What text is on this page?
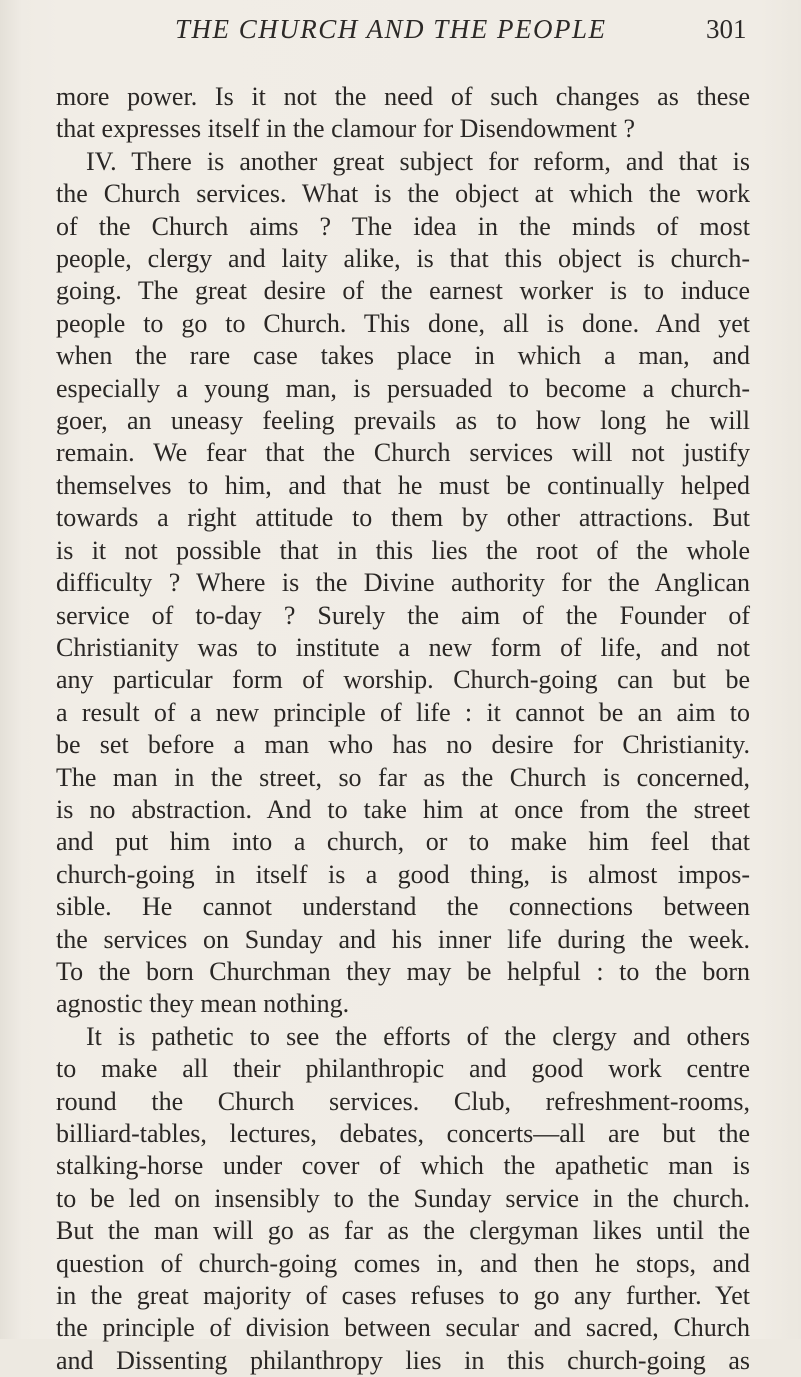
THE CHURCH AND THE PEOPLE	301

more power. Is it not the need of such changes as these

that expresses itself in the clamour for Disendowment ?

IV. There is another great subject for reform, and that is

the Church services. What is the object at which the work

of the Church aims ? The idea in the minds of most

people, clergy and laity alike, is that this object is church-

going. The great desire of the earnest worker is to induce

people to go to Church. This done, all is done. And yet

when the rare case takes place in which a man, and

especially a young man, is persuaded to become a church-

goer, an uneasy feeling prevails as to how long he will

remain. We fear that the Church services will not justify

themselves to him, and that he must be continually helped

towards a right attitude to them by other attractions. But

is it not possible that in this lies the root of the whole

difficulty ? Where is the Divine authority for the Anglican

service of to-day ? Surely the aim of the Founder of

Christianity was to institute a new form of life, and not

any particular form of worship. Church-going can but be

a result of a new principle of life : it cannot be an aim to

be set before a man who has no desire for Christianity.

The man in the street, so far as the Church is concerned,

is no abstraction. And to take him at once from the street

and put him into a church, or to make him feel that

church-going in itself is a good thing, is almost impos-

sible. He cannot understand the connections between

the services on Sunday and his inner life during the week.

To the born Churchman they may be helpful : to the born

agnostic they mean nothing.

It is pathetic to see the efforts of the clergy and others

to make all their philanthropic and good work centre

round the Church services. Club, refreshment-rooms,

billiard-tables, lectures, debates, concerts—all are but the

stalking-horse under cover of which the apathetic man is

to be led on insensibly to the Sunday service in the church.

But the man will go as far as the clergyman likes until the

question of church-going comes in, and then he stops, and

in the great majority of cases refuses to go any further. Yet

the principle of division between secular and sacred, Church

and Dissenting philanthropy lies in this church-going as
